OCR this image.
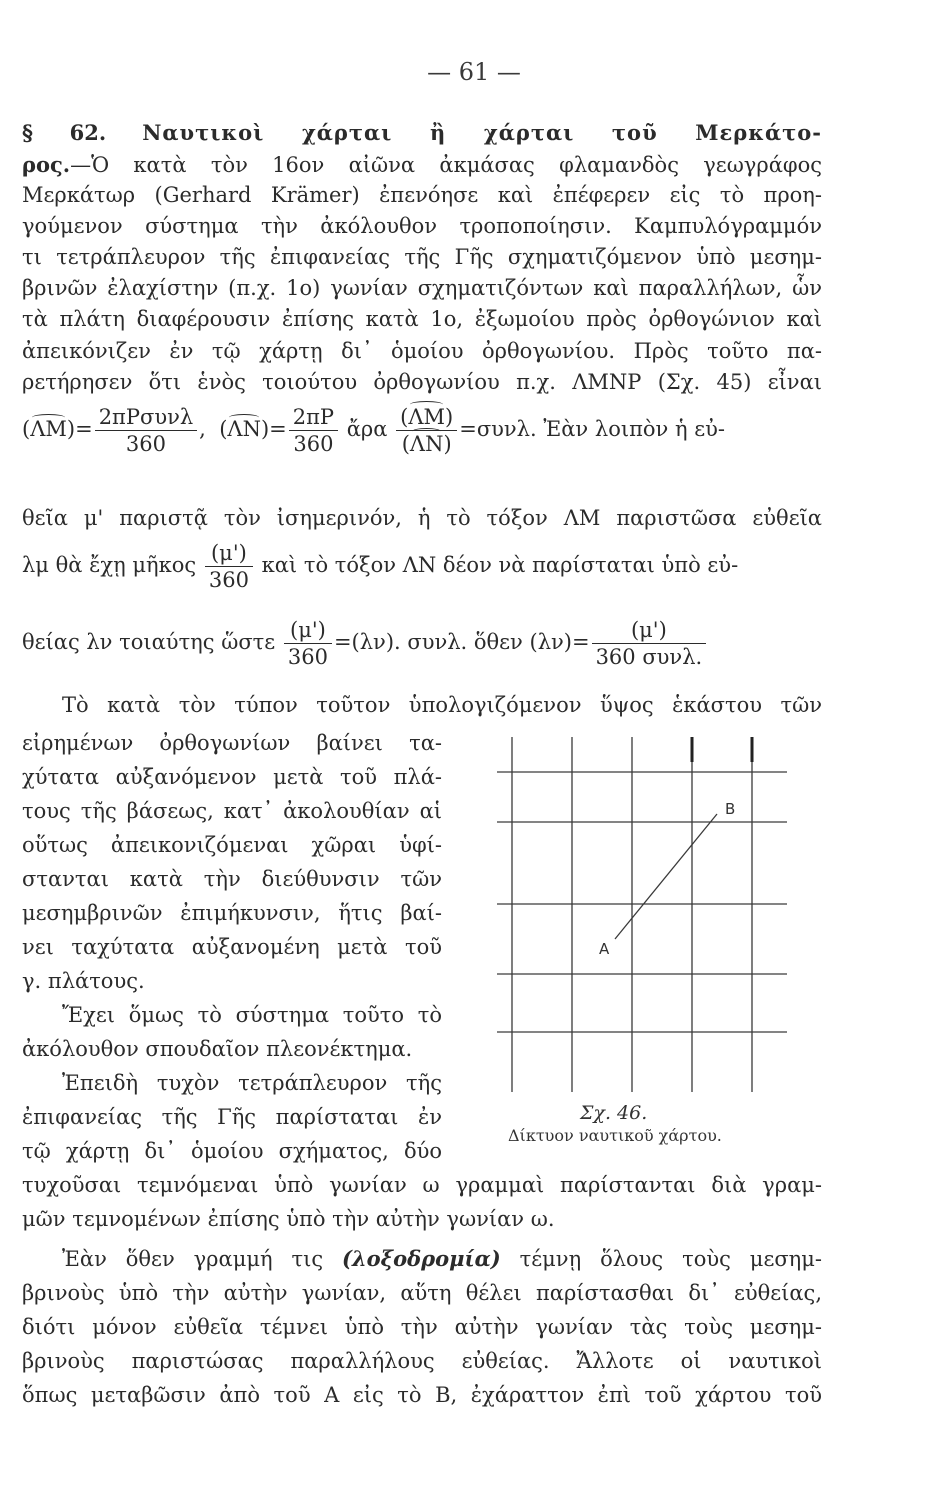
— 61 —
§ 62. Ναυτικοὶ χάρται ἢ χάρται τοῦ Μερκάτο-
ρος.—Ὁ κατὰ τὸν 16ον αἰῶνα ἀκμάσας φλαμανδὸς γεωγράφος
Μερκάτωρ (Gerhard Krämer) ἐπενόησε καὶ ἐπέφερεν εἰς τὸ προη-
γούμενον σύστημα τὴν ἀκόλουθον τροποποίησιν. Καμπυλόγραμμόν
τι τετράπλευρον τῆς ἐπιφανείας τῆς Γῆς σχηματιζόμενον ὑπὸ μεσημ-
βρινῶν ἐλαχίστην (π.χ. 1ο) γωνίαν σχηματιζόντων καὶ παραλλήλων, ὧν
τὰ πλάτη διαφέρουσιν ἐπίσης κατὰ 1ο, ἐξωμοίου πρὸς ὀρθογώνιον καὶ
ἀπεικόνιζεν ἐν τῷ χάρτῃ δι᾽ ὁμοίου ὀρθογωνίου. Πρὸς τοῦτο πα-
ρετήρησεν ὅτι ἑνὸς τοιούτου ὀρθογωνίου π.χ. ΛΜΝΡ (Σχ. 45) εἶναι
$(\Lambda M)= \frac{\text{2πΡσυνλ}}{360}$ ,  $(\Lambda N)= \frac{2\pi P}{360}$ ἄρα $\frac{(\Lambda M)}{(\Lambda N)} =\sigma\upsilon\nu\lambda$. Ἐὰν λοιπὸν ἡ εὐ-
θεῖα μ' παριστᾷ τὸν ἰσημερινόν, ἡ τὸ τόξον ΛΜ παριστῶσα εὐθεῖα
λμ θὰ ἔχῃ μῆκος $\frac{(\mu')}{360}$ καὶ τὸ τόξον ΛΝ δέον νὰ παρίσταται ὑπὸ εὐ-
θείας λν τοιαύτης ὥστε $\frac{(\mu')}{360} =(\lambda\nu)$. συνλ. ὅθεν $(\lambda\nu)= \frac{(\mu')}{\text{360 συνλ.}}$
Τὸ κατὰ τὸν τύπον τοῦτον ὑπολογιζόμενον ὕψος ἑκάστου τῶν
εἰρημένων ὀρθογωνίων βαίνει τα-
χύτατα αὐξανόμενον μετὰ τοῦ πλά-
τους τῆς βάσεως, κατ᾽ ἀκολουθίαν αἱ
οὕτως ἀπεικονιζόμεναι χῶραι ὑφί-
στανται κατὰ τὴν διεύθυνσιν τῶν
μεσημβρινῶν ἐπιμήκυνσιν, ἥτις βαί-
νει ταχύτατα αὐξανομένη μετὰ τοῦ
γ. πλάτους.
Ἔχει ὅμως τὸ σύστημα τοῦτο τὸ
ἀκόλουθον σπουδαῖον πλεονέκτημα.
Ἐπειδὴ τυχὸν τετράπλευρον τῆς
ἐπιφανείας τῆς Γῆς παρίσταται ἐν
τῷ χάρτῃ δι᾽ ὁμοίου σχήματος, δύο
τυχοῦσαι τεμνόμεναι ὑπὸ γωνίαν ω γραμμαὶ παρίστανται διὰ γραμ-
μῶν τεμνομένων ἐπίσης ὑπὸ τὴν αὐτὴν γωνίαν ω.
Ἐὰν ὅθεν γραμμή τις (λοξοδρομία) τέμνῃ ὅλους τοὺς μεσημ-
βρινοὺς ὑπὸ τὴν αὐτὴν γωνίαν, αὕτη θέλει παρίστασθαι δι᾽ εὐθείας,
διότι μόνον εὐθεῖα τέμνει ὑπὸ τὴν αὐτὴν γωνίαν τὰς τοὺς μεσημ-
βρινοὺς παριστώσας παραλλήλους εὐθείας. Ἄλλοτε οἱ ναυτικοὶ
ὅπως μεταβῶσιν ἀπὸ τοῦ Α εἰς τὸ Β, ἐχάραττον ἐπὶ τοῦ χάρτου τοῦ
A
B
Σχ. 46.
Δίκτυον ναυτικοῦ χάρτου.
